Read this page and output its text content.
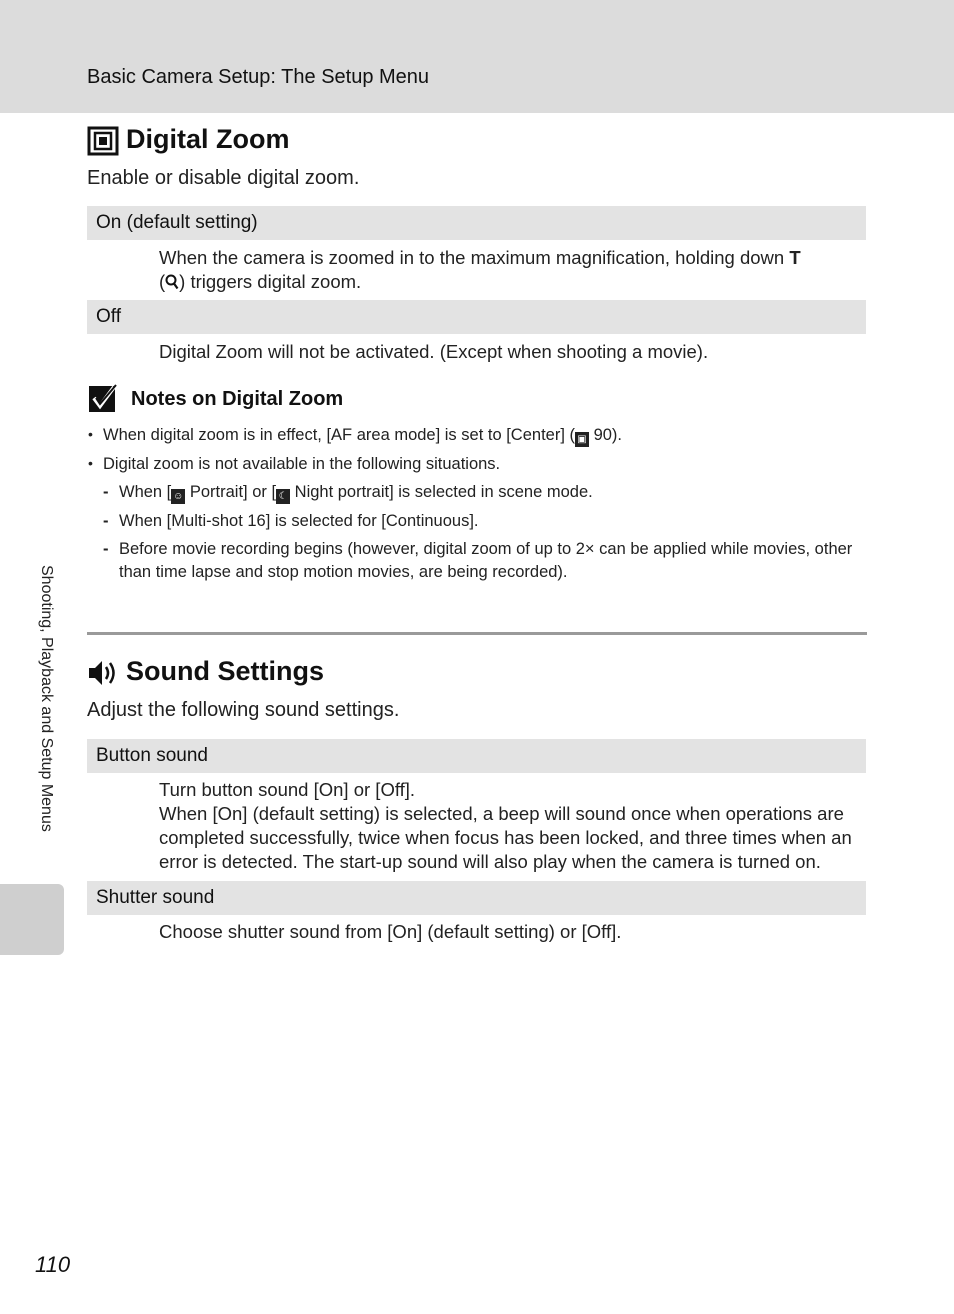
Basic Camera Setup: The Setup Menu
Digital Zoom
Enable or disable digital zoom.
On (default setting)
When the camera is zoomed in to the maximum magnification, holding down T
( ) triggers digital zoom.
Off
Digital Zoom will not be activated. (Except when shooting a movie).
Notes on Digital Zoom
• When digital zoom is in effect, [AF area mode] is set to [Center] ( ▣ 90).
• Digital zoom is not available in the following situations.
- When [ ☺ Portrait] or [ ☾ Night portrait] is selected in scene mode.
- When [Multi-shot 16] is selected for [Continuous].
- Before movie recording begins (however, digital zoom of up to 2× can be applied while movies, other than time lapse and stop motion movies, are being recorded).
Sound Settings
Adjust the following sound settings.
Button sound
Turn button sound [On] or [Off].
When [On] (default setting) is selected, a beep will sound once when operations are completed successfully, twice when focus has been locked, and three times when an error is detected. The start-up sound will also play when the camera is turned on.
Shutter sound
Choose shutter sound from [On] (default setting) or [Off].
Shooting, Playback and Setup Menus
110
